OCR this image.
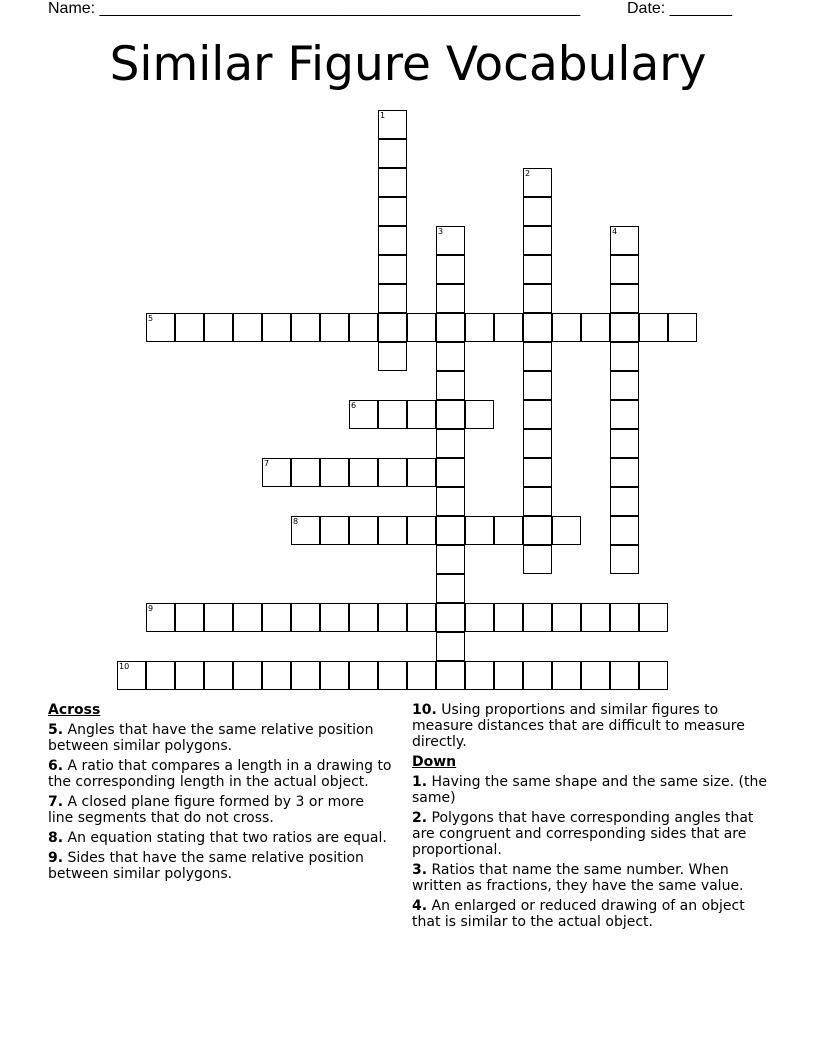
Name: ______________________________________________________	Date: _______
Similar Figure Vocabulary
1
2
3	4
5
6
7
8
9
10
Across
5. Angles that have the same relative position between similar polygons.
6. A ratio that compares a length in a drawing to the corresponding length in the actual object.
7. A closed plane figure formed by 3 or more line segments that do not cross.
8. An equation stating that two ratios are equal.
9. Sides that have the same relative position between similar polygons.
10. Using proportions and similar figures to measure distances that are difficult to measure directly.
Down
1. Having the same shape and the same size. (the same)
2. Polygons that have corresponding angles that are congruent and corresponding sides that are proportional.
3. Ratios that name the same number. When written as fractions, they have the same value.
4. An enlarged or reduced drawing of an object that is similar to the actual object.
